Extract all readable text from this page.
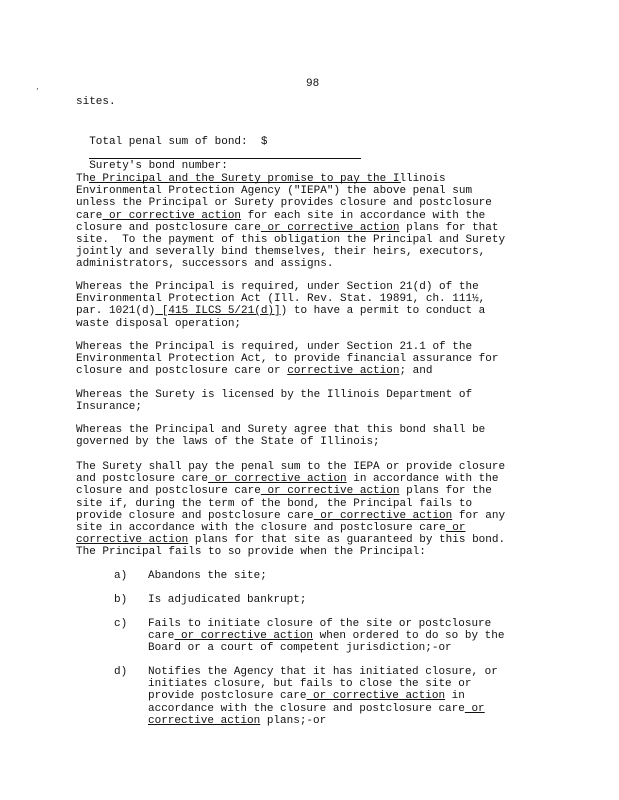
·	98
sites.

Total penal sum of bond:  $

Surety's bond number:

The Principal and the Surety promise to pay the Illinois
Environmental Protection Agency ("IEPA") the above penal sum
unless the Principal or Surety provides closure and postclosure
care or corrective action for each site in accordance with the
closure and postclosure care or corrective action plans for that
site.  To the payment of this obligation the Principal and Surety
jointly and severally bind themselves, their heirs, executors,
administrators, successors and assigns.
Whereas the Principal is required, under Section 21(d) of the
Environmental Protection Act (Ill. Rev. Stat. 19891, ch. 111½,
par. 1021(d) [415 ILCS 5/21(d)]) to have a permit to conduct a
waste disposal operation;
Whereas the Principal is required, under Section 21.1 of the
Environmental Protection Act, to provide financial assurance for
closure and postclosure care or corrective action; and
Whereas the Surety is licensed by the Illinois Department of
Insurance;
Whereas the Principal and Surety agree that this bond shall be
governed by the laws of the State of Illinois;
The Surety shall pay the penal sum to the IEPA or provide closure
and postclosure care or corrective action in accordance with the
closure and postclosure care or corrective action plans for the
site if, during the term of the bond, the Principal fails to
provide closure and postclosure care or corrective action for any
site in accordance with the closure and postclosure care or
corrective action plans for that site as guaranteed by this bond.
The Principal fails to so provide when the Principal:
a) Abandons the site;
b) Is adjudicated bankrupt;
c) Fails to initiate closure of the site or postclosure
care or corrective action when ordered to do so by the
Board or a court of competent jurisdiction;-or
d) Notifies the Agency that it has initiated closure, or
initiates closure, but fails to close the site or
provide postclosure care or corrective action in
accordance with the closure and postclosure care or
corrective action plans;-or
